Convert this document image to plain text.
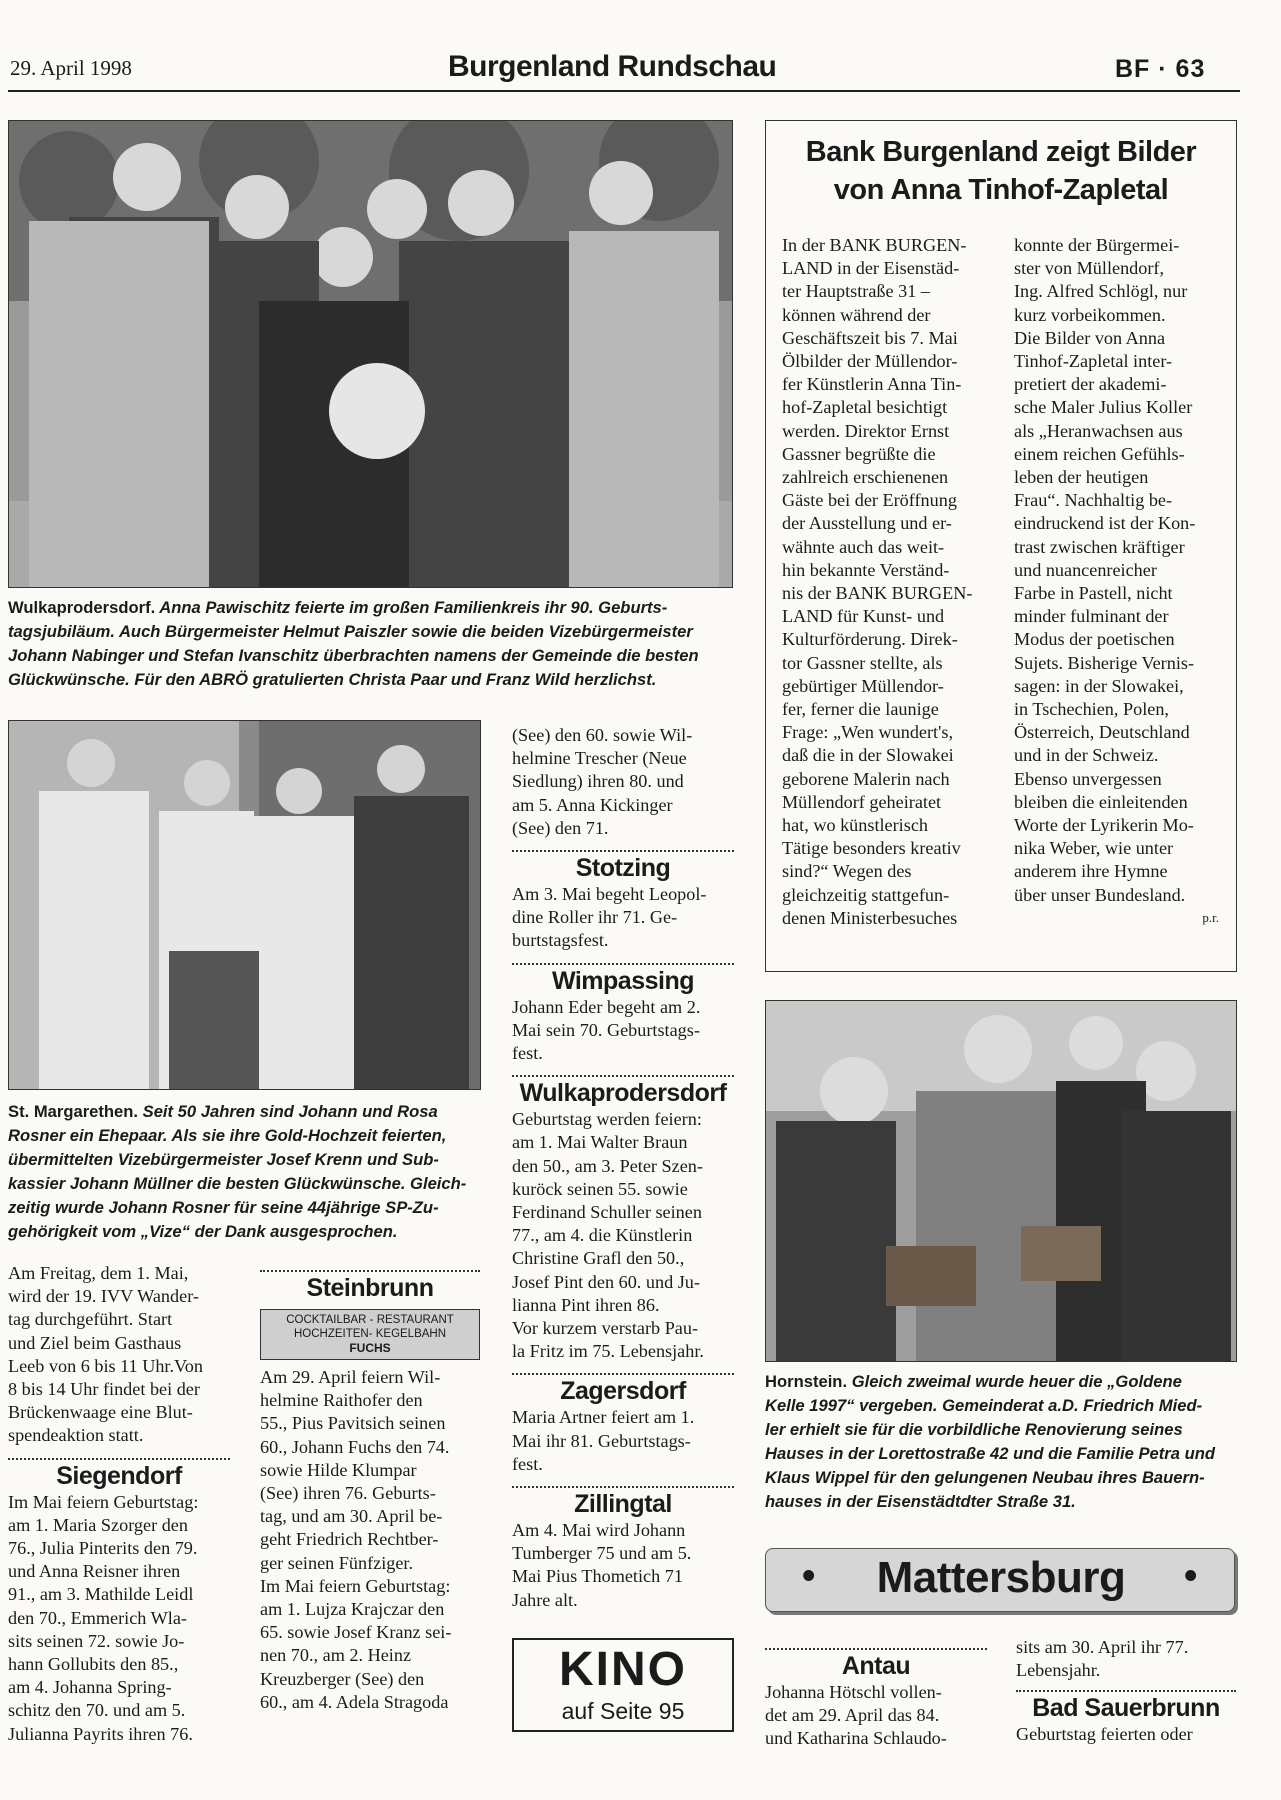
29. April 1998	Burgenland Rundschau	BF · 63
Wulkaprodersdorf. Anna Pawischitz feierte im großen Familienkreis ihr 90. Geburts-
tagsjubiläum. Auch Bürgermeister Helmut Paiszler sowie die beiden Vizebürgermeister
Johann Nabinger und Stefan Ivanschitz überbrachten namens der Gemeinde die besten
Glückwünsche. Für den ABRÖ gratulierten Christa Paar und Franz Wild herzlichst.
Bank Burgenland zeigt Bilder
von Anna Tinhof-Zapletal
In der BANK BURGEN-
LAND in der Eisenstäd-
ter Hauptstraße 31 –
können während der
Geschäftszeit bis 7. Mai
Ölbilder der Müllendor-
fer Künstlerin Anna Tin-
hof-Zapletal besichtigt
werden. Direktor Ernst
Gassner begrüßte die
zahlreich erschienenen
Gäste bei der Eröffnung
der Ausstellung und er-
wähnte auch das weit-
hin bekannte Verständ-
nis der BANK BURGEN-
LAND für Kunst- und
Kulturförderung. Direk-
tor Gassner stellte, als
gebürtiger Müllendor-
fer, ferner die launige
Frage: „Wen wundert's,
daß die in der Slowakei
geborene Malerin nach
Müllendorf geheiratet
hat, wo künstlerisch
Tätige besonders kreativ
sind?“ Wegen des
gleichzeitig stattgefun-
denen Ministerbesuches
konnte der Bürgermei-
ster von Müllendorf,
Ing. Alfred Schlögl, nur
kurz vorbeikommen.
Die Bilder von Anna
Tinhof-Zapletal inter-
pretiert der akademi-
sche Maler Julius Koller
als „Heranwachsen aus
einem reichen Gefühls-
leben der heutigen
Frau“. Nachhaltig be-
eindruckend ist der Kon-
trast zwischen kräftiger
und nuancenreicher
Farbe in Pastell, nicht
minder fulminant der
Modus der poetischen
Sujets. Bisherige Vernis-
sagen: in der Slowakei,
in Tschechien, Polen,
Österreich, Deutschland
und in der Schweiz.
Ebenso unvergessen
bleiben die einleitenden
Worte der Lyrikerin Mo-
nika Weber, wie unter
anderem ihre Hymne
über unser Bundesland.
p.r.
St. Margarethen. Seit 50 Jahren sind Johann und Rosa
Rosner ein Ehepaar. Als sie ihre Gold-Hochzeit feierten,
übermittelten Vizebürgermeister Josef Krenn und Sub-
kassier Johann Müllner die besten Glückwünsche. Gleich-
zeitig wurde Johann Rosner für seine 44jährige SP-Zu-
gehörigkeit vom „Vize“ der Dank ausgesprochen.
(See) den 60. sowie Wil-
helmine Trescher (Neue
Siedlung) ihren 80. und
am 5. Anna Kickinger
(See) den 71.
Stotzing
Am 3. Mai begeht Leopol-
dine Roller ihr 71. Ge-
burtstagsfest.
Wimpassing
Johann Eder begeht am 2.
Mai sein 70. Geburtstags-
fest.
Wulkaprodersdorf
Geburtstag werden feiern:
am 1. Mai Walter Braun
den 50., am 3. Peter Szen-
kuröck seinen 55. sowie
Ferdinand Schuller seinen
77., am 4. die Künstlerin
Christine Grafl den 50.,
Josef Pint den 60. und Ju-
lianna Pint ihren 86.
Vor kurzem verstarb Pau-
la Fritz im 75. Lebensjahr.
Zagersdorf
Maria Artner feiert am 1.
Mai ihr 81. Geburtstags-
fest.
Zillingtal
Am 4. Mai wird Johann
Tumberger 75 und am 5.
Mai Pius Thometich 71
Jahre alt.
KINO
auf Seite 95
Am Freitag, dem 1. Mai,
wird der 19. IVV Wander-
tag durchgeführt. Start
und Ziel beim Gasthaus
Leeb von 6 bis 11 Uhr.Von
8 bis 14 Uhr findet bei der
Brückenwaage eine Blut-
spendeaktion statt.
Siegendorf
Im Mai feiern Geburtstag:
am 1. Maria Szorger den
76., Julia Pinterits den 79.
und Anna Reisner ihren
91., am 3. Mathilde Leidl
den 70., Emmerich Wla-
sits seinen 72. sowie Jo-
hann Gollubits den 85.,
am 4. Johanna Spring-
schitz den 70. und am 5.
Julianna Payrits ihren 76.
Steinbrunn
COCKTAILBAR - RESTAURANT
HOCHZEITEN- KEGELBAHN
FUCHS
Am 29. April feiern Wil-
helmine Raithofer den
55., Pius Pavitsich seinen
60., Johann Fuchs den 74.
sowie Hilde Klumpar
(See) ihren 76. Geburts-
tag, und am 30. April be-
geht Friedrich Rechtber-
ger seinen Fünfziger.
Im Mai feiern Geburtstag:
am 1. Lujza Krajczar den
65. sowie Josef Kranz sei-
nen 70., am 2. Heinz
Kreuzberger (See) den
60., am 4. Adela Stragoda
Hornstein. Gleich zweimal wurde heuer die „Goldene
Kelle 1997“ vergeben. Gemeinderat a.D. Friedrich Mied-
ler erhielt sie für die vorbildliche Renovierung seines
Hauses in der Lorettostraße 42 und die Familie Petra und
Klaus Wippel für den gelungenen Neubau ihres Bauern-
hauses in der Eisenstädtdter Straße 31.
•	Mattersburg	•
Antau
Johanna Hötschl vollen-
det am 29. April das 84.
und Katharina Schlaudo-
sits am 30. April ihr 77.
Lebensjahr.
Bad Sauerbrunn
Geburtstag feierten oder
